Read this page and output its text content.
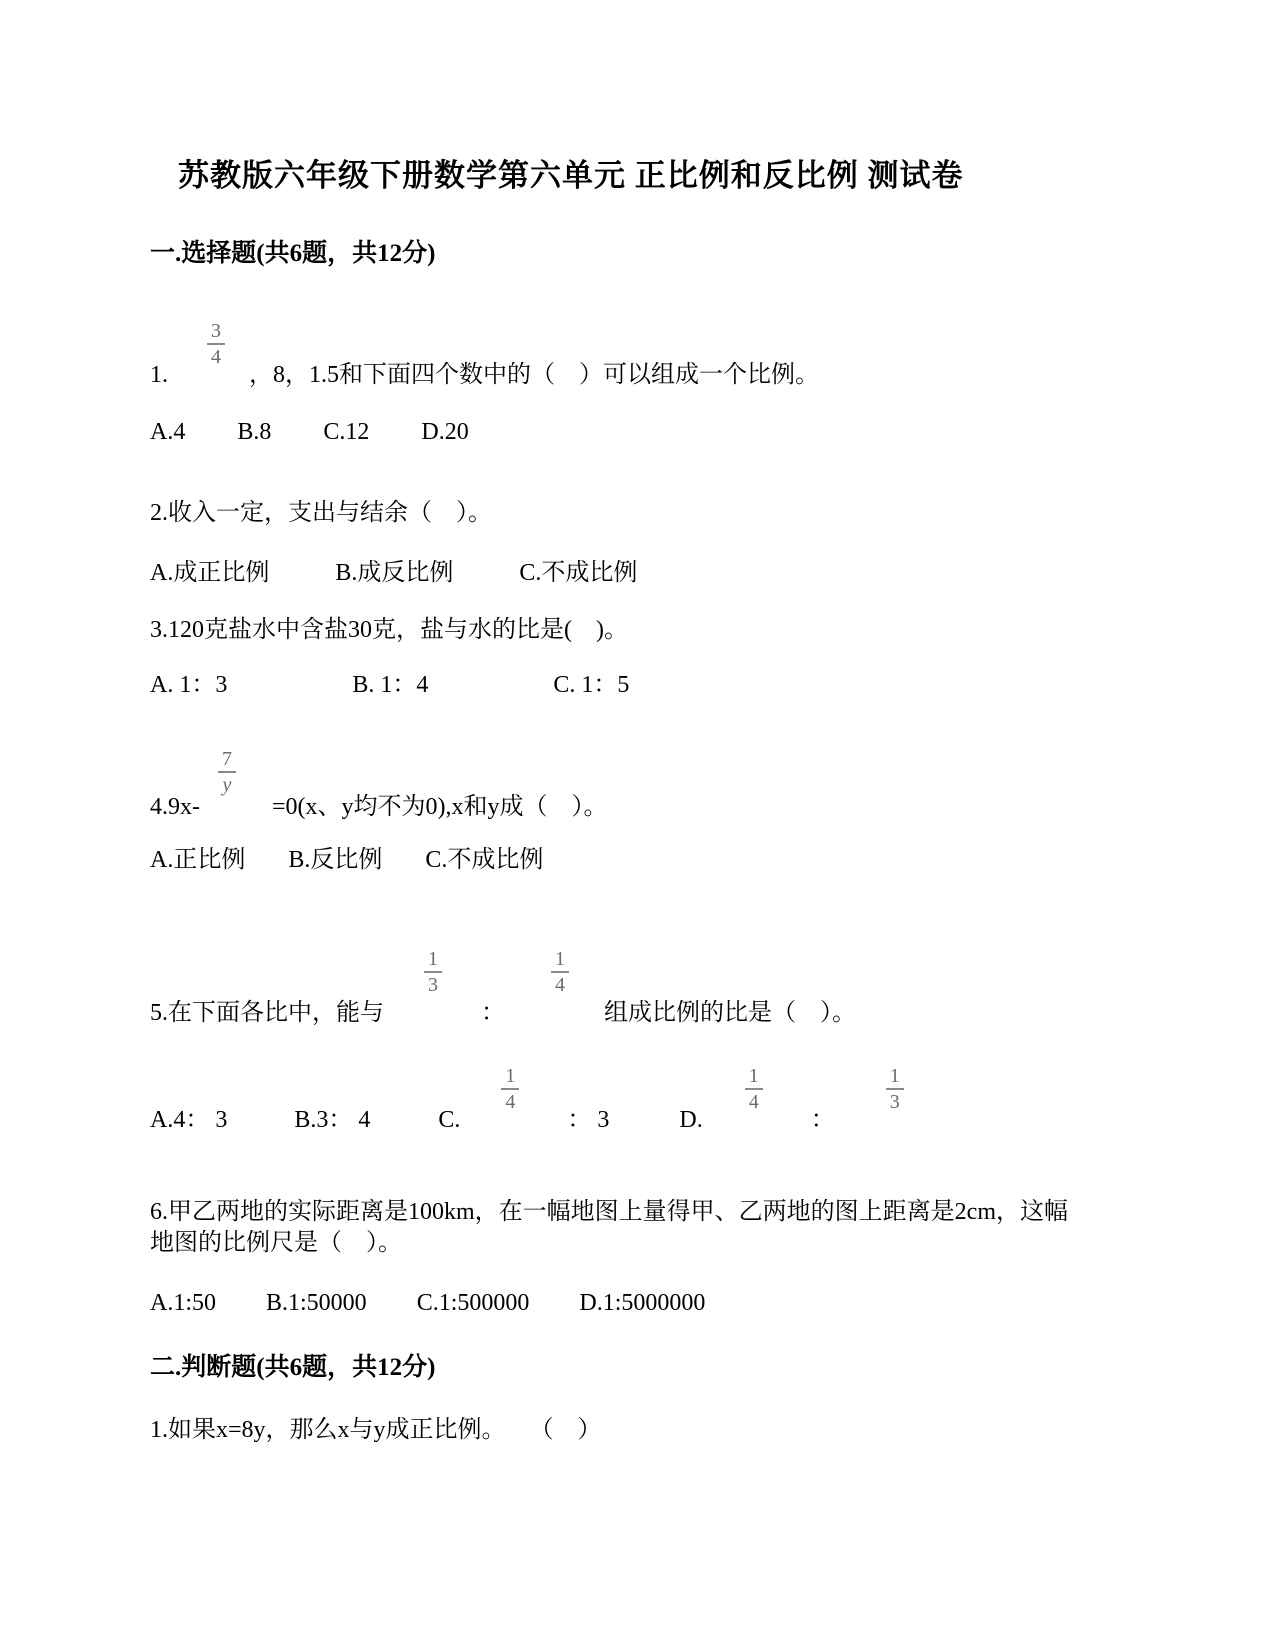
苏教版六年级下册数学第六单元 正比例和反比例 测试卷
一.选择题(共6题，共12分)
1.
$\frac{3}{4}$
，8，1.5和下面四个数中的（　）可以组成一个比例。
A.4 B.8 C.12 D.20
2.收入一定，支出与结余（　）。
A.成正比例	B.成反比例	C.不成比例
3.120克盐水中含盐30克，盐与水的比是(　)。
A. 1：3	B. 1：4	C. 1：5
4.9x-
$\frac{7}{y}$
=0(x、y均不为0),x和y成（　）。
A.正比例 B.反比例 C.不成比例
5.在下面各比中，能与
$\frac{1}{3}$
：
$\frac{1}{4}$
组成比例的比是（　）。
A.4： 3	B.3： 4	C.
$\frac{1}{4}$
： 3	D.
$\frac{1}{4}$
：
$\frac{1}{3}$
6.甲乙两地的实际距离是100km，在一幅地图上量得甲、乙两地的图上距离是2cm，这幅
地图的比例尺是（　）。
A.1:50 B.1:50000 C.1:500000 D.1:5000000
二.判断题(共6题，共12分)
1.如果x=8y，那么x与y成正比例。　　（　）
